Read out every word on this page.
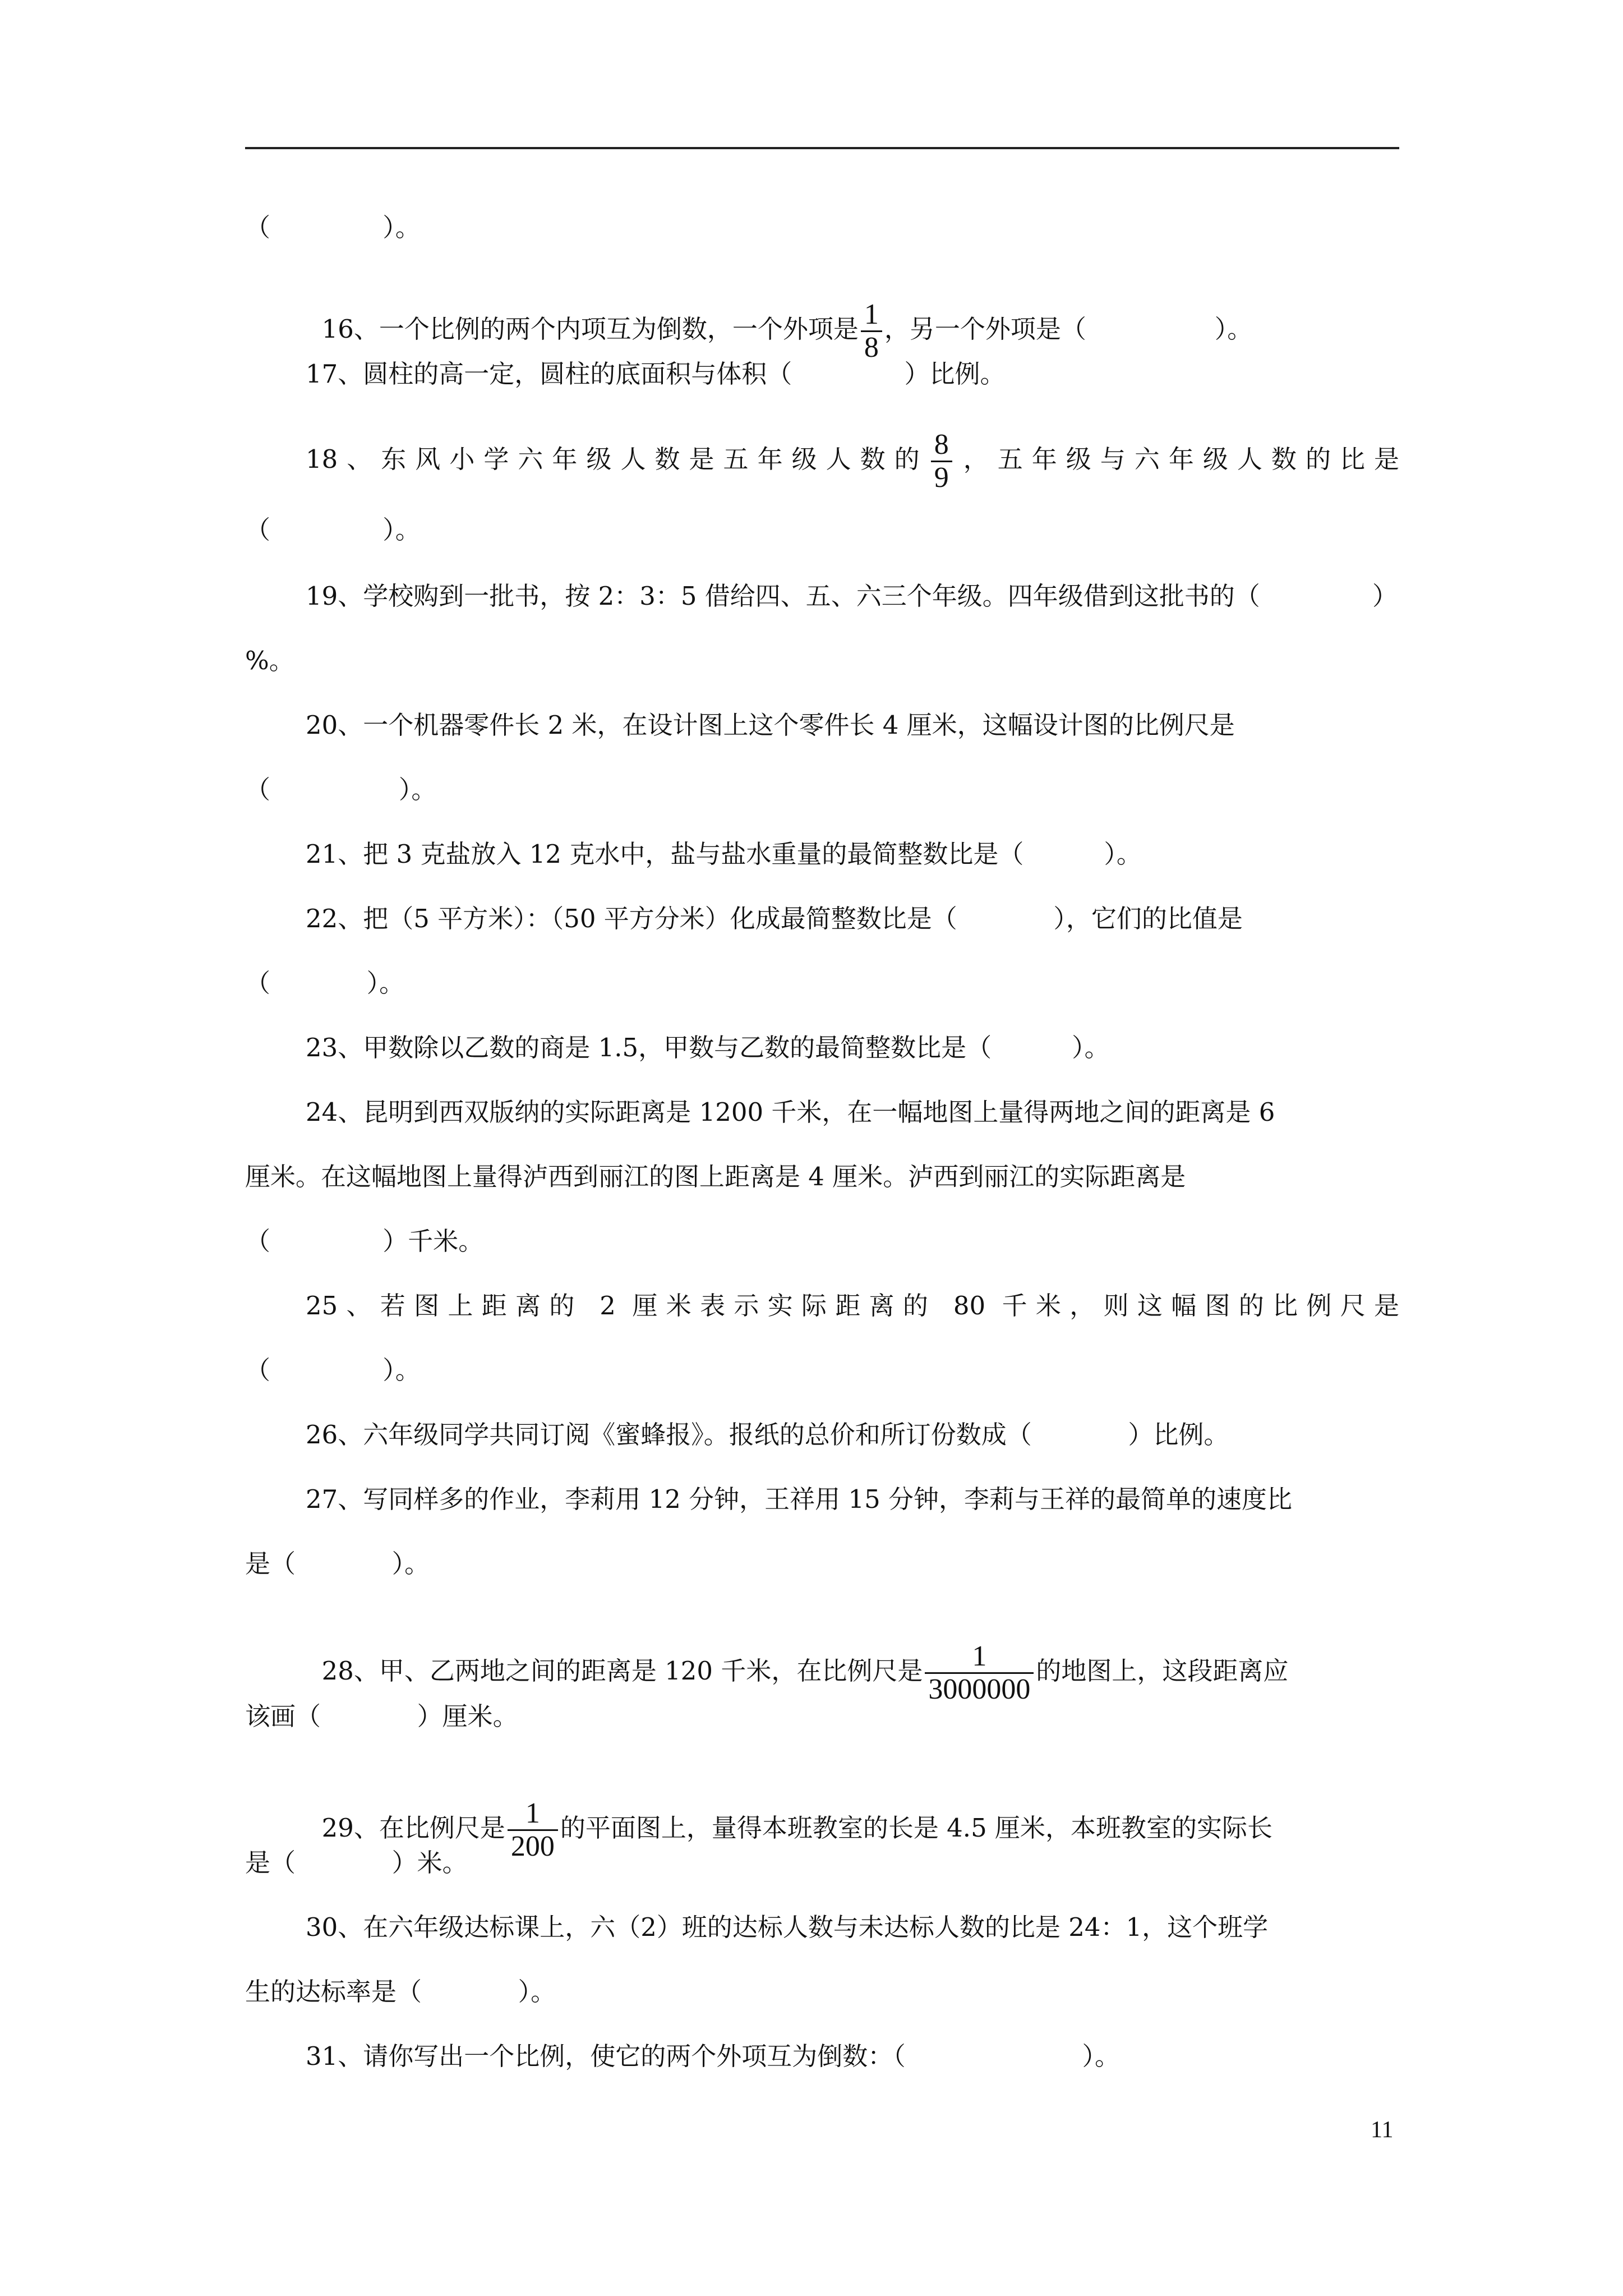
（              ）。

16、一个比例的两个内项互为倒数，一个外项是 $\frac{1}{8}$ ，另一个外项是（                ）。

17、圆柱的高一定，圆柱的底面积与体积（              ）比例。
18、东风小学六年级人数是五年级人数的 $\frac{8}{9}$ ，五年级与六年级人数的比是
（              ）。
19、学校购到一批书，按 2：3：5 借给四、五、六三个年级。四年级借到这批书的（              ）
%。
20、一个机器零件长 2 米，在设计图上这个零件长 4 厘米，这幅设计图的比例尺是
（                ）。
21、把 3 克盐放入 12 克水中，盐与盐水重量的最简整数比是（          ）。
22、把（5 平方米）：（50 平方分米）化成最简整数比是（            ），它们的比值是
（            ）。
23、甲数除以乙数的商是 1.5，甲数与乙数的最简整数比是（          ）。
24、昆明到西双版纳的实际距离是 1200 千米，在一幅地图上量得两地之间的距离是 6
厘米。在这幅地图上量得泸西到丽江的图上距离是 4 厘米。泸西到丽江的实际距离是
（              ）千米。
25、若图上距离的 2 厘米表示实际距离的 80 千米，则这幅图的比例尺是
（              ）。
26、六年级同学共同订阅《蜜蜂报》。报纸的总价和所订份数成（            ）比例。
27、写同样多的作业，李莉用 12 分钟，王祥用 15 分钟，李莉与王祥的最简单的速度比
是（            ）。

28、甲、乙两地之间的距离是 120 千米，在比例尺是 $\frac{1}{3000000}$ 的地图上，这段距离应

该画（            ）厘米。

29、在比例尺是 $\frac{1}{200}$ 的平面图上，量得本班教室的长是 4.5 厘米，本班教室的实际长

是（            ）米。
30、在六年级达标课上，六（2）班的达标人数与未达标人数的比是 24：1，这个班学
生的达标率是（            ）。
31、请你写出一个比例，使它的两个外项互为倒数：（                      ）。
11
